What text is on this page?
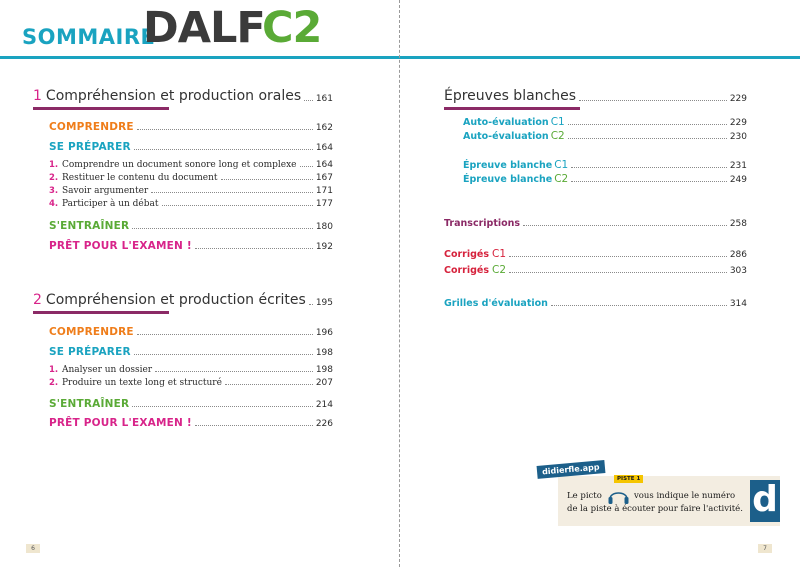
SOMMAIRE
DALF
C2
1 Compréhension et production orales 161
COMPRENDRE	162
SE PRÉPARER	164
1. Comprendre un document sonore long et complexe 164
2. Restituer le contenu du document	167
3. Savoir argumenter	171
4. Participer à un débat	177
S'ENTRAÎNER	180
PRÊT POUR L'EXAMEN !	192
2 Compréhension et production écrites 195
COMPRENDRE	196
SE PRÉPARER	198
1. Analyser un dossier	198
2. Produire un texte long et structuré	207
S'ENTRAÎNER	214
PRÊT POUR L'EXAMEN !	226
Épreuves blanches	229
Auto-évaluation C1	229
Auto-évaluation C2	230
Épreuve blanche C1	231
Épreuve blanche C2	249
Transcriptions	258
Corrigés C1	286
Corrigés C2	303
Grilles d'évaluation	314
didierfle.app
PISTE 1
Le picto	vous indique le numéro
de la piste à écouter pour faire l'activité. d
6	7
